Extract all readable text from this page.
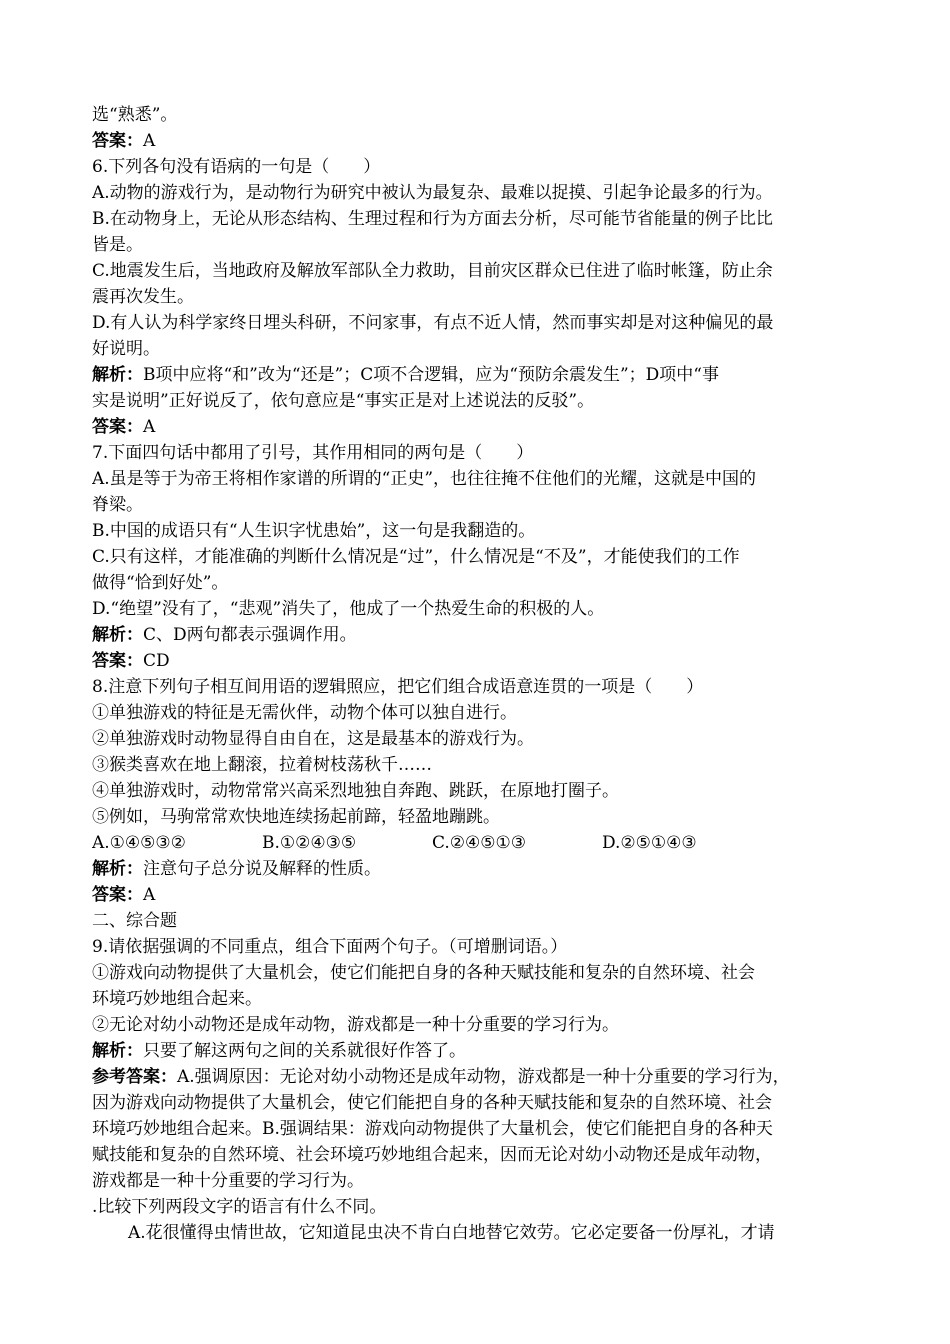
选“熟悉”。
答案：A
6.下列各句没有语病的一句是（　　）
A.动物的游戏行为，是动物行为研究中被认为最复杂、最难以捉摸、引起争论最多的行为。
B.在动物身上，无论从形态结构、生理过程和行为方面去分析，尽可能节省能量的例子比比
皆是。
C.地震发生后，当地政府及解放军部队全力救助，目前灾区群众已住进了临时帐篷，防止余
震再次发生。
D.有人认为科学家终日埋头科研，不问家事，有点不近人情，然而事实却是对这种偏见的最
好说明。
解析：B项中应将“和”改为“还是”；C项不合逻辑，应为“预防余震发生”；D项中“事
实是说明”正好说反了，依句意应是“事实正是对上述说法的反驳”。
答案：A
7.下面四句话中都用了引号，其作用相同的两句是（　　）
A.虽是等于为帝王将相作家谱的所谓的“正史”，也往往掩不住他们的光耀，这就是中国的
脊梁。
B.中国的成语只有“人生识字忧患始”，这一句是我翻造的。
C.只有这样，才能准确的判断什么情况是“过”，什么情况是“不及”，才能使我们的工作
做得“恰到好处”。
D.“绝望”没有了，“悲观”消失了，他成了一个热爱生命的积极的人。
解析：C、D两句都表示强调作用。
答案：CD
8.注意下列句子相互间用语的逻辑照应，把它们组合成语意连贯的一项是（　　）
①单独游戏的特征是无需伙伴，动物个体可以独自进行。
②单独游戏时动物显得自由自在，这是最基本的游戏行为。
③猴类喜欢在地上翻滚，拉着树枝荡秋千……
④单独游戏时，动物常常兴高采烈地独自奔跑、跳跃，在原地打圈子。
⑤例如，马驹常常欢快地连续扬起前蹄，轻盈地蹦跳。
A.①④⑤③②	B.①②④③⑤	C.②④⑤①③	D.②⑤①④③
解析：注意句子总分说及解释的性质。
答案：A
二、综合题
9.请依据强调的不同重点，组合下面两个句子。（可增删词语。）
①游戏向动物提供了大量机会，使它们能把自身的各种天赋技能和复杂的自然环境、社会
环境巧妙地组合起来。
②无论对幼小动物还是成年动物，游戏都是一种十分重要的学习行为。
解析：只要了解这两句之间的关系就很好作答了。
参考答案：A.强调原因：无论对幼小动物还是成年动物，游戏都是一种十分重要的学习行为，
因为游戏向动物提供了大量机会，使它们能把自身的各种天赋技能和复杂的自然环境、社会
环境巧妙地组合起来。B.强调结果：游戏向动物提供了大量机会，使它们能把自身的各种天
赋技能和复杂的自然环境、社会环境巧妙地组合起来，因而无论对幼小动物还是成年动物，
游戏都是一种十分重要的学习行为。
.比较下列两段文字的语言有什么不同。
A.花很懂得虫情世故，它知道昆虫决不肯白白地替它效劳。它必定要备一份厚礼，才请
